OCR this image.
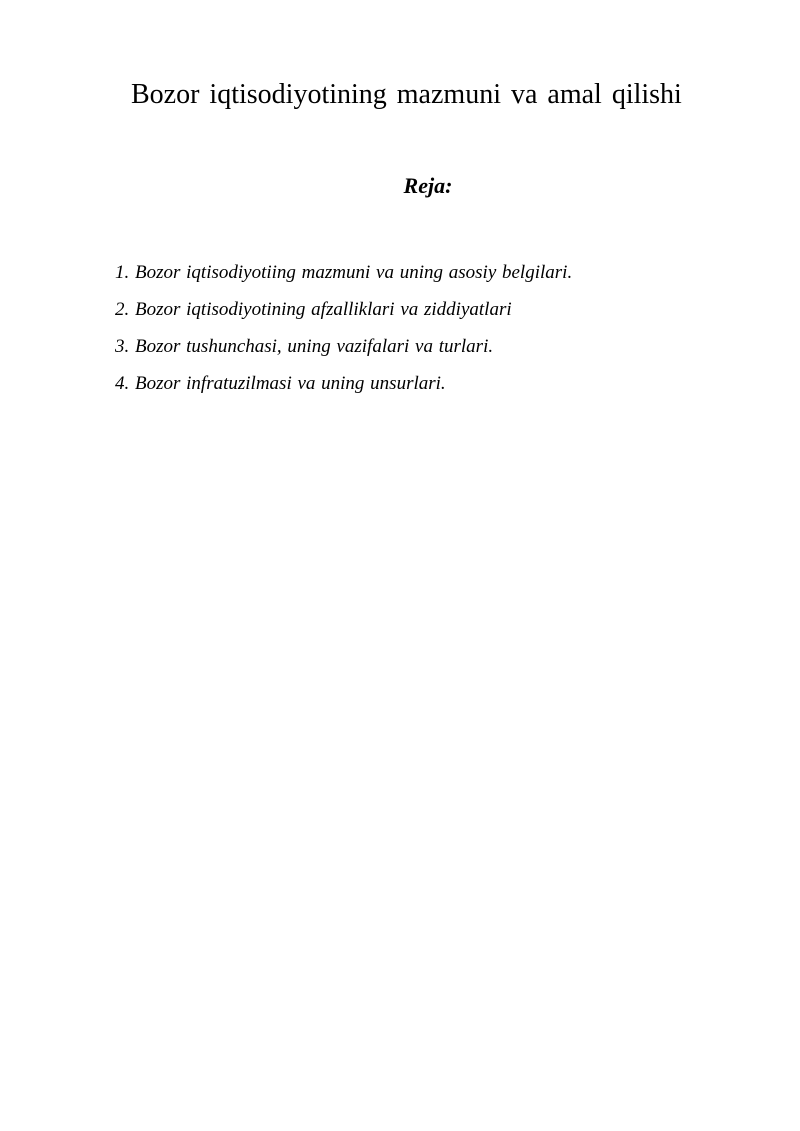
Bozor iqtisodiyotining mazmuni va amal qilishi
Reja:
1. Bozor iqtisodiyotiing mazmuni va uning asosiy belgilari.
2. Bozor iqtisodiyotining afzalliklari va ziddiyatlari
3. Bozor tushunchasi, uning vazifalari va turlari.
4. Bozor infratuzilmasi va uning unsurlari.
